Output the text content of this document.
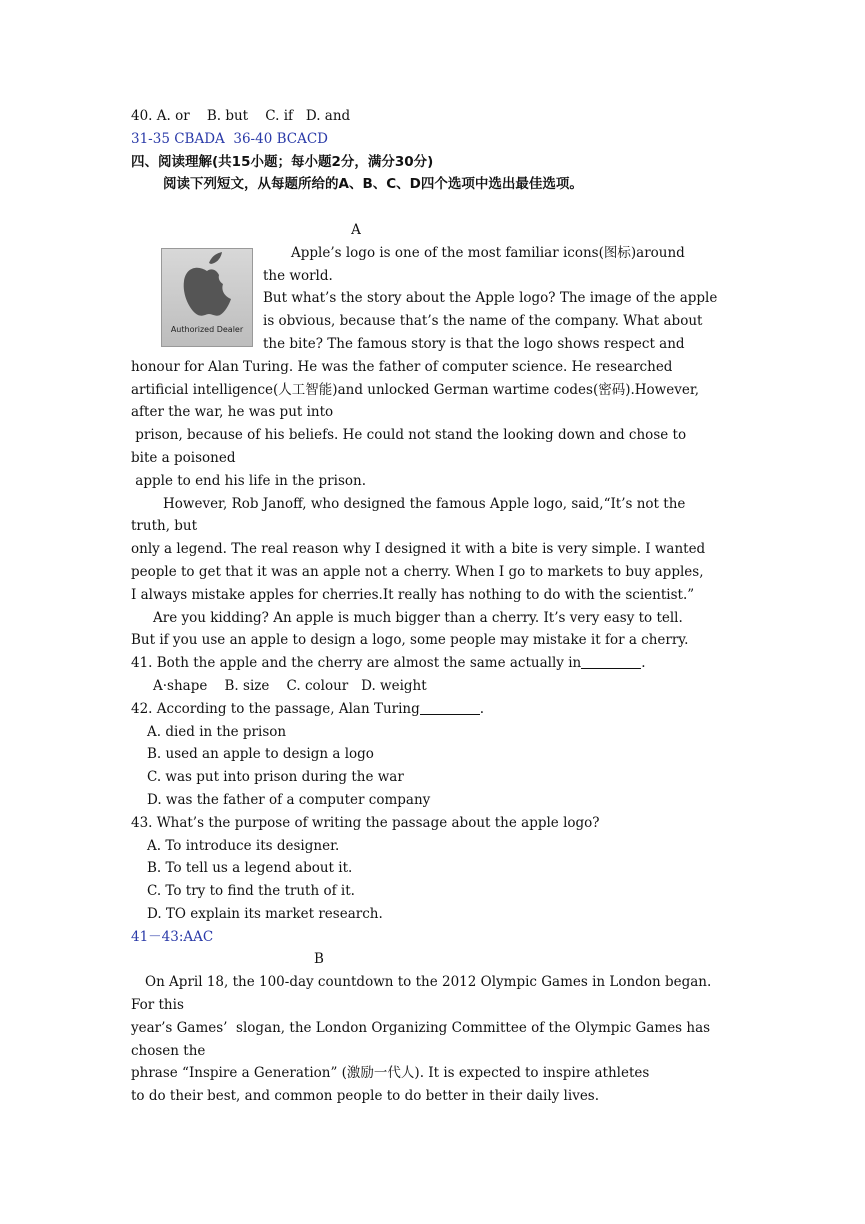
40. A. or    B. but    C. if   D. and
31-35 CBADA  36-40 BCACD
四、阅读理解(共15小题；每小题2分，满分30分)
阅读下列短文，从每题所给的A、B、C、D四个选项中选出最佳选项。
A
Authorized Dealer
Apple’s logo is one of the most familiar icons(图标)around
the world.
But what’s the story about the Apple logo? The image of the apple
is obvious, because that’s the name of the company. What about
the bite? The famous story is that the logo shows respect and
honour for Alan Turing. He was the father of computer science. He researched
artificial intelligence(人工智能)and unlocked German wartime codes(密码).However,
after the war, he was put into
prison, because of his beliefs. He could not stand the looking down and chose to
bite a poisoned
apple to end his life in the prison.
However, Rob Janoff, who designed the famous Apple logo, said,“It’s not the
truth, but
only a legend. The real reason why I designed it with a bite is very simple. I wanted
people to get that it was an apple not a cherry. When I go to markets to buy apples,
I always mistake apples for cherries.It really has nothing to do with the scientist.”
Are you kidding? An apple is much bigger than a cherry. It’s very easy to tell.
But if you use an apple to design a logo, some people may mistake it for a cherry.
41. Both the apple and the cherry are almost the same actually in	.
A·shape    B. size    C. colour   D. weight
42. According to the passage, Alan Turing	.
A. died in the prison
B. used an apple to design a logo
C. was put into prison during the war
D. was the father of a computer company
43. What’s the purpose of writing the passage about the apple logo?
A. To introduce its designer.
B. To tell us a legend about it.
C. To try to find the truth of it.
D. TO explain its market research.
41－43:AAC
B
On April 18, the 100-day countdown to the 2012 Olympic Games in London began.
For this
year’s Games’  slogan, the London Organizing Committee of the Olympic Games has
chosen the
phrase “Inspire a Generation” (激励一代人). It is expected to inspire athletes
to do their best, and common people to do better in their daily lives.
